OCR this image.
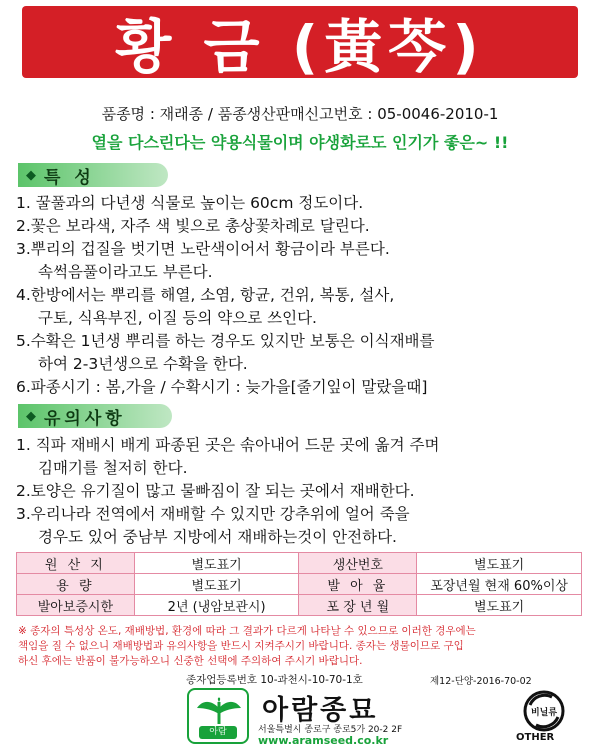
황 금 (黃芩)
품종명 : 재래종 / 품종생산판매신고번호 : 05-0046-2010-1
열을 다스린다는 약용식물이며 야생화로도 인기가 좋은~ !!
◆ 특 성
1. 꿀풀과의 다년생 식물로 높이는 60cm 정도이다.
2.꽃은 보라색, 자주 색 빛으로 총상꽃차례로 달린다.
3.뿌리의 겁질을 벗기면 노란색이어서 황금이라 부른다.
속썩음풀이라고도 부른다.
4.한방에서는 뿌리를 해열, 소염, 항균, 건위, 복통, 설사,
구토, 식욕부진, 이질 등의 약으로 쓰인다.
5.수확은 1년생 뿌리를 하는 경우도 있지만 보통은 이식재배를
하여 2-3년생으로 수확을 한다.
6.파종시기 : 봄,가을 / 수확시기 : 늦가을[줄기잎이 말랐을때]
◆ 유의사항
1. 직파 재배시 배게 파종된 곳은 솎아내어 드문 곳에 옮겨 주며
김매기를 철저히 한다.
2.토양은 유기질이 많고 물빠짐이 잘 되는 곳에서 재배한다.
3.우리나라 전역에서 재배할 수 있지만 강추위에 얼어 죽을
경우도 있어 중남부 지방에서 재배하는것이 안전하다.
원 산 지	별도표기	생산번호	별도표기
용 량	별도표기	발 아 율	포장년월 현재 60%이상
발아보증시한	2년 (냉암보관시)	포 장 년 월	별도표기
※ 종자의 특성상 온도, 재배방법, 환경에 따라 그 결과가 다르게 나타날 수 있으므로 이러한 경우에는
책임을 질 수 없으니 재배방법과 유의사항을 반드시 지켜주시기 바랍니다. 종자는 생물이므로 구입
하신 후에는 반품이 불가능하오니 신중한 선택에 주의하여 주시기 바랍니다.
종자업등록번호 10-과천시-10-70-1호	제12-단양-2016-70-02
아람
아람종묘
서울특별시 종로구 종로5가 20-2 2F
www.aramseed.co.kr
비닐류
OTHER
